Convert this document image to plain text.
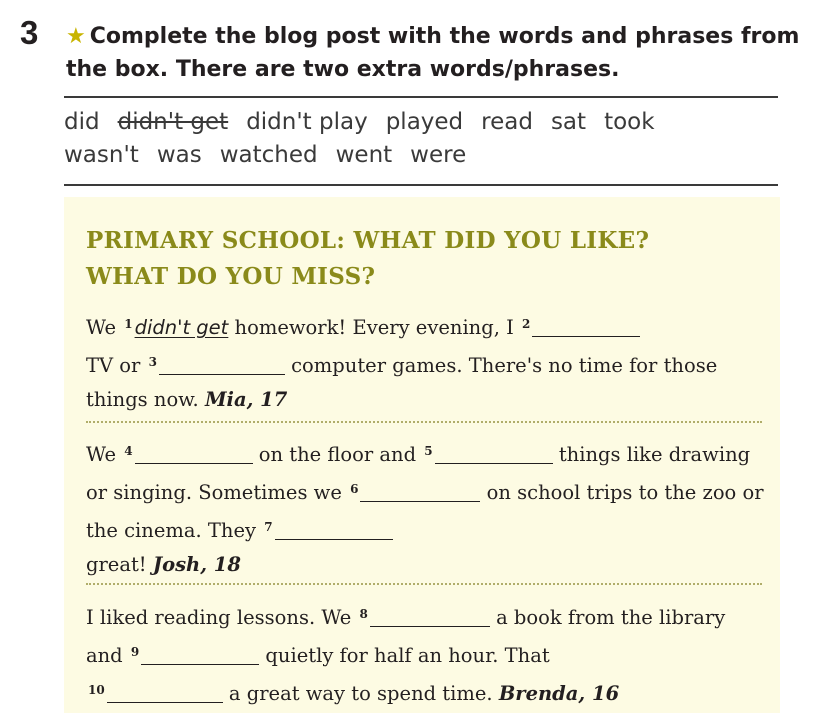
3 ★ Complete the blog post with the words and phrases from the box. There are two extra words/phrases.
did didn't get didn't play played read sat took
wasn't was watched went were
PRIMARY SCHOOL: WHAT DID YOU LIKE?
WHAT DO YOU MISS?
We $^1$ didn't get homework! Every evening, I $^2$
TV or $^3$	computer games. There's no time for those things now. Mia, 17
We $^4$	on the floor and $^5$	things like drawing or singing. Sometimes we $^6$	on school trips to the zoo or the cinema. They $^7$
great! Josh, 18
I liked reading lessons. We $^8$	a book from the library and $^9$	quietly for half an hour. That
$^{10}$	a great way to spend time. Brenda, 16
